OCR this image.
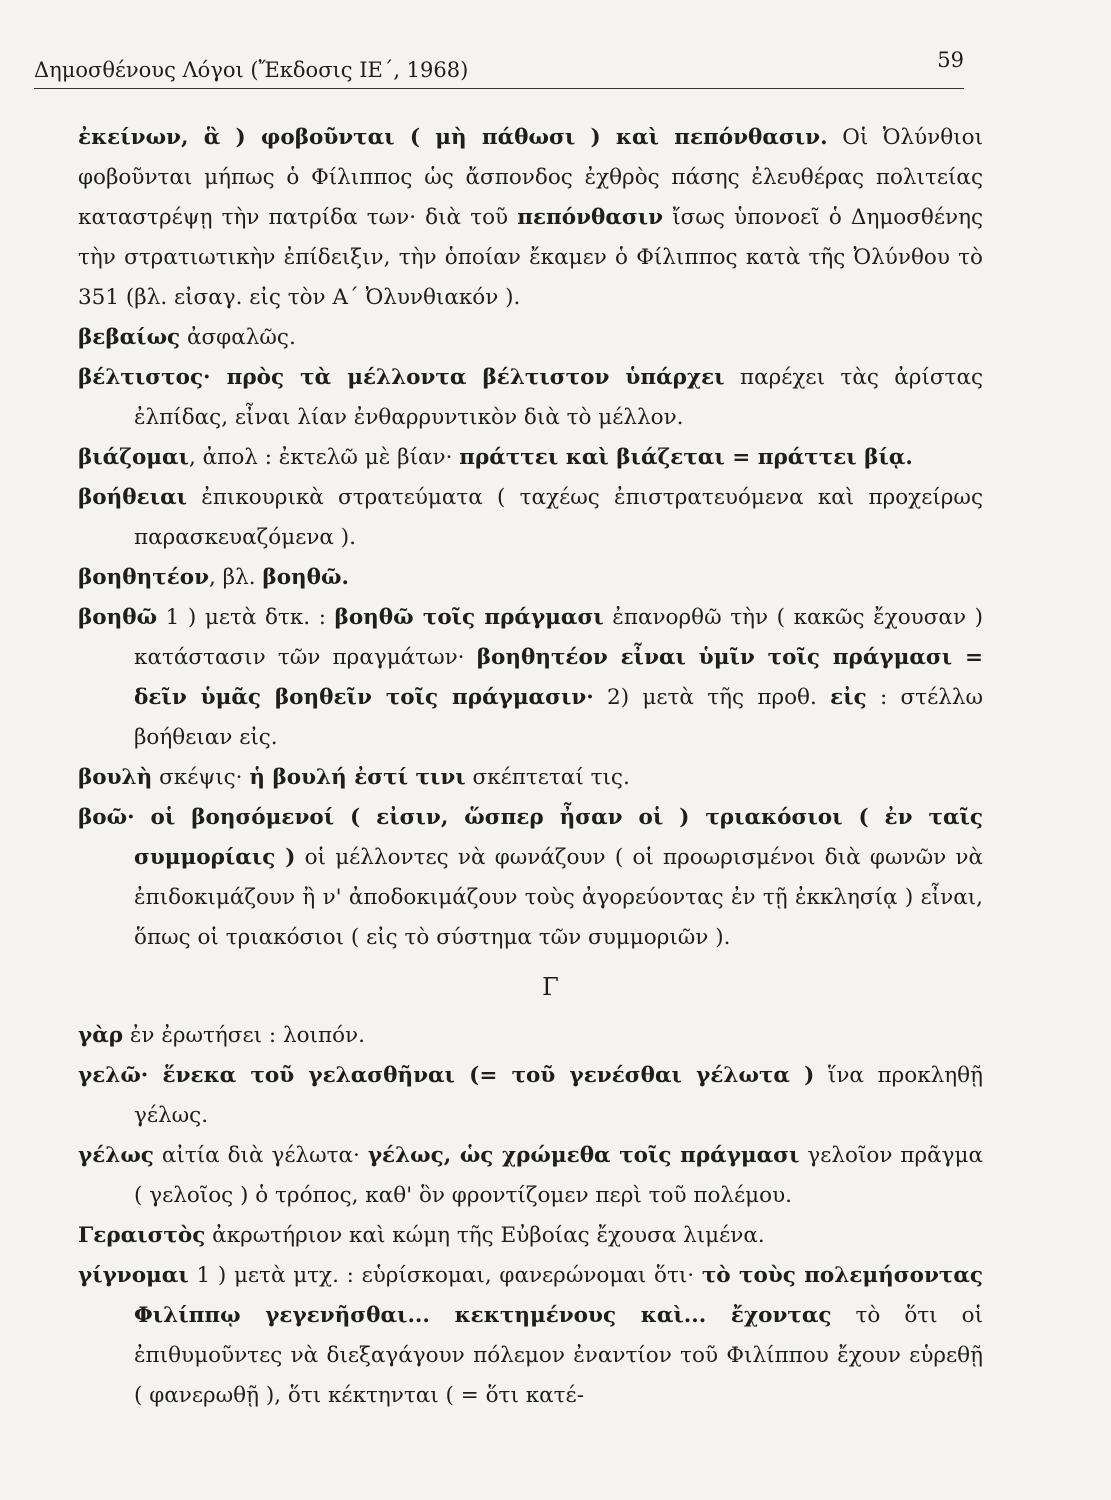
Δημοσθένους Λόγοι (Ἔκδοσις ΙΕ΄, 1968)	59
ἐκείνων, ἃ ) φοβοῦνται ( μὴ πάθωσι ) καὶ πεπόνθασιν. Οἱ Ὀλύνθιοι φοβοῦνται μήπως ὁ Φίλιππος ὡς ἄσπονδος ἐχθρὸς πάσης ἐλευθέρας πολιτείας καταστρέψῃ τὴν πατρίδα των· διὰ τοῦ πεπόνθασιν ἴσως ὑπονοεῖ ὁ Δημοσθένης τὴν στρατιωτικὴν ἐπίδειξιν, τὴν ὁποίαν ἔκαμεν ὁ Φίλιππος κατὰ τῆς Ὀλύνθου τὸ 351 (βλ. εἰσαγ. εἰς τὸν Α΄ Ὀλυνθιακόν ).
βεβαίως ἀσφαλῶς.
βέλτιστος· πρὸς τὰ μέλλοντα βέλτιστον ὑπάρχει παρέχει τὰς ἀρίστας ἐλπίδας, εἶναι λίαν ἐνθαρρυντικὸν διὰ τὸ μέλλον.
βιάζομαι, ἀπολ : ἐκτελῶ μὲ βίαν· πράττει καὶ βιάζεται = πράττει βίᾳ.
βοήθειαι ἐπικουρικὰ στρατεύματα ( ταχέως ἐπιστρατευόμενα καὶ προχείρως παρασκευαζόμενα ).
βοηθητέον, βλ. βοηθῶ.
βοηθῶ 1 ) μετὰ δτκ. : βοηθῶ τοῖς πράγμασι ἐπανορθῶ τὴν ( κακῶς ἔχουσαν ) κατάστασιν τῶν πραγμάτων· βοηθητέον εἶναι ὑμῖν τοῖς πράγμασι = δεῖν ὑμᾶς βοηθεῖν τοῖς πράγμασιν· 2) μετὰ τῆς προθ. εἰς : στέλλω βοήθειαν εἰς.
βουλὴ σκέψις· ἡ βουλή ἐστί τινι σκέπτεταί τις.
βοῶ· οἱ βοησόμενοί ( εἰσιν, ὥσπερ ἦσαν οἱ ) τριακόσιοι ( ἐν ταῖς συμμορίαις ) οἱ μέλλοντες νὰ φωνάζουν ( οἱ προωρισμένοι διὰ φωνῶν νὰ ἐπιδοκιμάζουν ἢ ν' ἀποδοκιμάζουν τοὺς ἀγορεύοντας ἐν τῇ ἐκκλησίᾳ ) εἶναι, ὅπως οἱ τριακόσιοι ( εἰς τὸ σύστημα τῶν συμμοριῶν ).
Γ
γὰρ ἐν ἐρωτήσει : λοιπόν.
γελῶ· ἕνεκα τοῦ γελασθῆναι (= τοῦ γενέσθαι γέλωτα ) ἵνα προκληθῇ γέλως.
γέλως αἰτία διὰ γέλωτα· γέλως, ὡς χρώμεθα τοῖς πράγμασι γελοῖον πρᾶγμα ( γελοῖος ) ὁ τρόπος, καθ' ὃν φροντίζομεν περὶ τοῦ πολέμου.
Γεραιστὸς ἀκρωτήριον καὶ κώμη τῆς Εὐβοίας ἔχουσα λιμένα.
γίγνομαι 1 ) μετὰ μτχ. : εὑρίσκομαι, φανερώνομαι ὅτι· τὸ τοὺς πολεμήσοντας Φιλίππῳ γεγενῆσθαι... κεκτημένους καὶ... ἔχοντας τὸ ὅτι οἱ ἐπιθυμοῦντες νὰ διεξαγάγουν πόλεμον ἐναντίον τοῦ Φιλίππου ἔχουν εὑρεθῇ ( φανερωθῇ ), ὅτι κέκτηνται ( = ὅτι κατέ-
